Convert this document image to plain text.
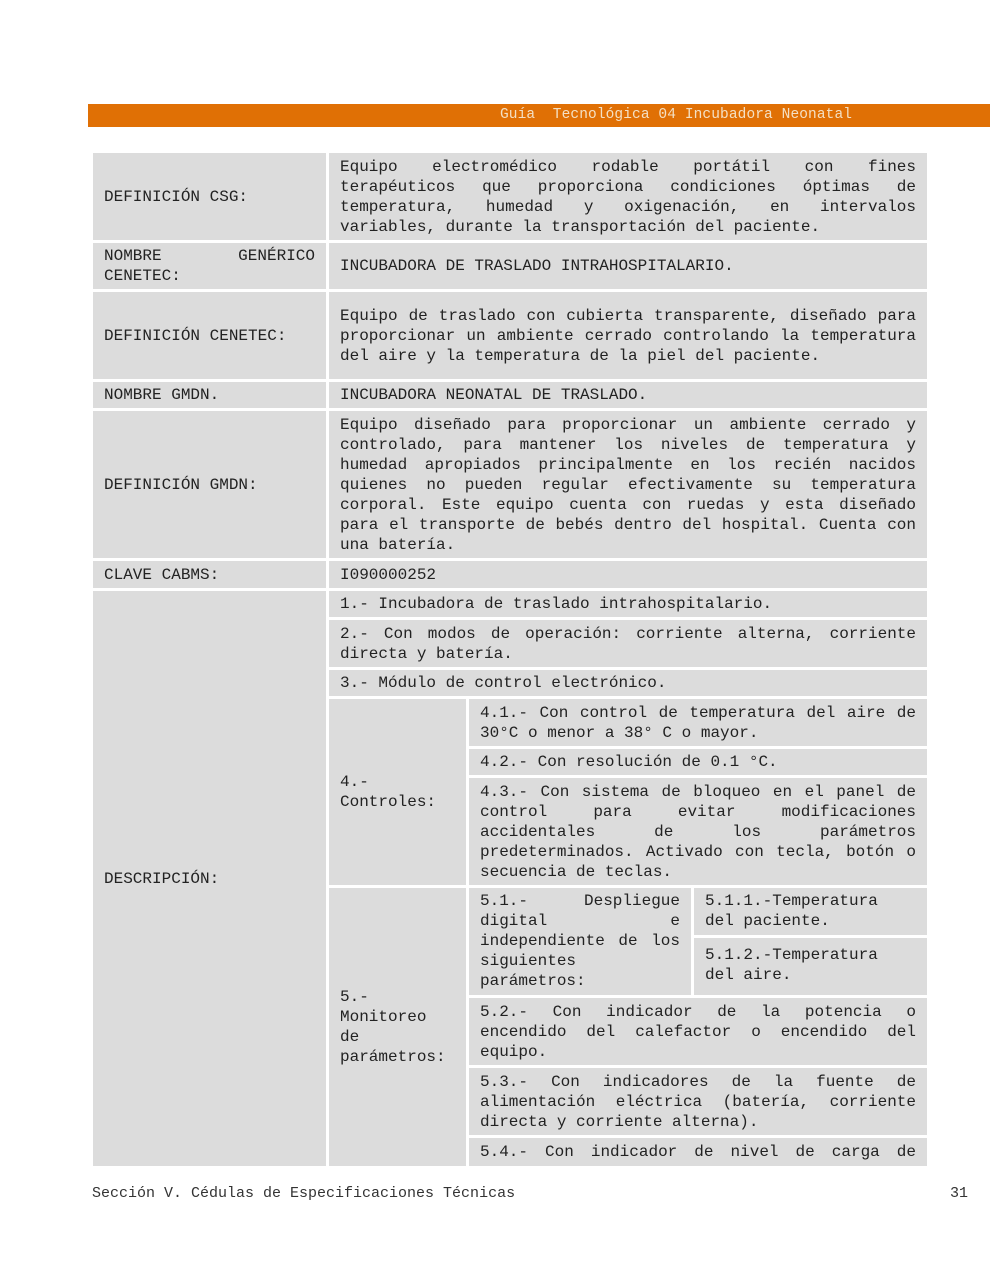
Guía  Tecnológica 04 Incubadora Neonatal
DEFINICIÓN CSG:
Equipo electromédico rodable portátil con fines terapéuticos que proporciona condiciones óptimas de temperatura, humedad y oxigenación, en intervalos variables, durante la transportación del paciente.
NOMBRE GENÉRICO CENETEC:
INCUBADORA DE TRASLADO INTRAHOSPITALARIO.
DEFINICIÓN CENETEC:
Equipo de traslado con cubierta transparente, diseñado para proporcionar un ambiente cerrado controlando la temperatura del aire y la temperatura de la piel del paciente.
NOMBRE GMDN.	INCUBADORA NEONATAL DE TRASLADO.
DEFINICIÓN GMDN:
Equipo diseñado para proporcionar un ambiente cerrado y controlado, para mantener los niveles de temperatura y humedad apropiados principalmente en los recién nacidos quienes no pueden regular efectivamente su temperatura corporal. Este equipo cuenta con ruedas y esta diseñado para el transporte de bebés dentro del hospital. Cuenta con una batería.
CLAVE CABMS:	I090000252
DESCRIPCIÓN:
1.- Incubadora de traslado intrahospitalario.
2.- Con modos de operación: corriente alterna, corriente directa y batería.
3.- Módulo de control electrónico.
4.- Controles:
4.1.- Con control de temperatura del aire de 30°C o menor a 38° C o mayor.
4.2.- Con resolución de 0.1 °C.
4.3.- Con sistema de bloqueo en el panel de control para evitar modificaciones accidentales de los parámetros predeterminados. Activado con tecla, botón o secuencia de teclas.
5.- Monitoreo de parámetros:
5.1.- Despliegue digital e independiente de los siguientes parámetros:
5.1.1.-Temperatura del paciente.
5.1.2.-Temperatura del aire.
5.2.- Con indicador de la potencia o encendido del calefactor o encendido del equipo.
5.3.- Con indicadores de la fuente de alimentación eléctrica (batería, corriente directa y corriente alterna).
5.4.- Con indicador de nivel de carga de
Sección V. Cédulas de Especificaciones Técnicas	31
